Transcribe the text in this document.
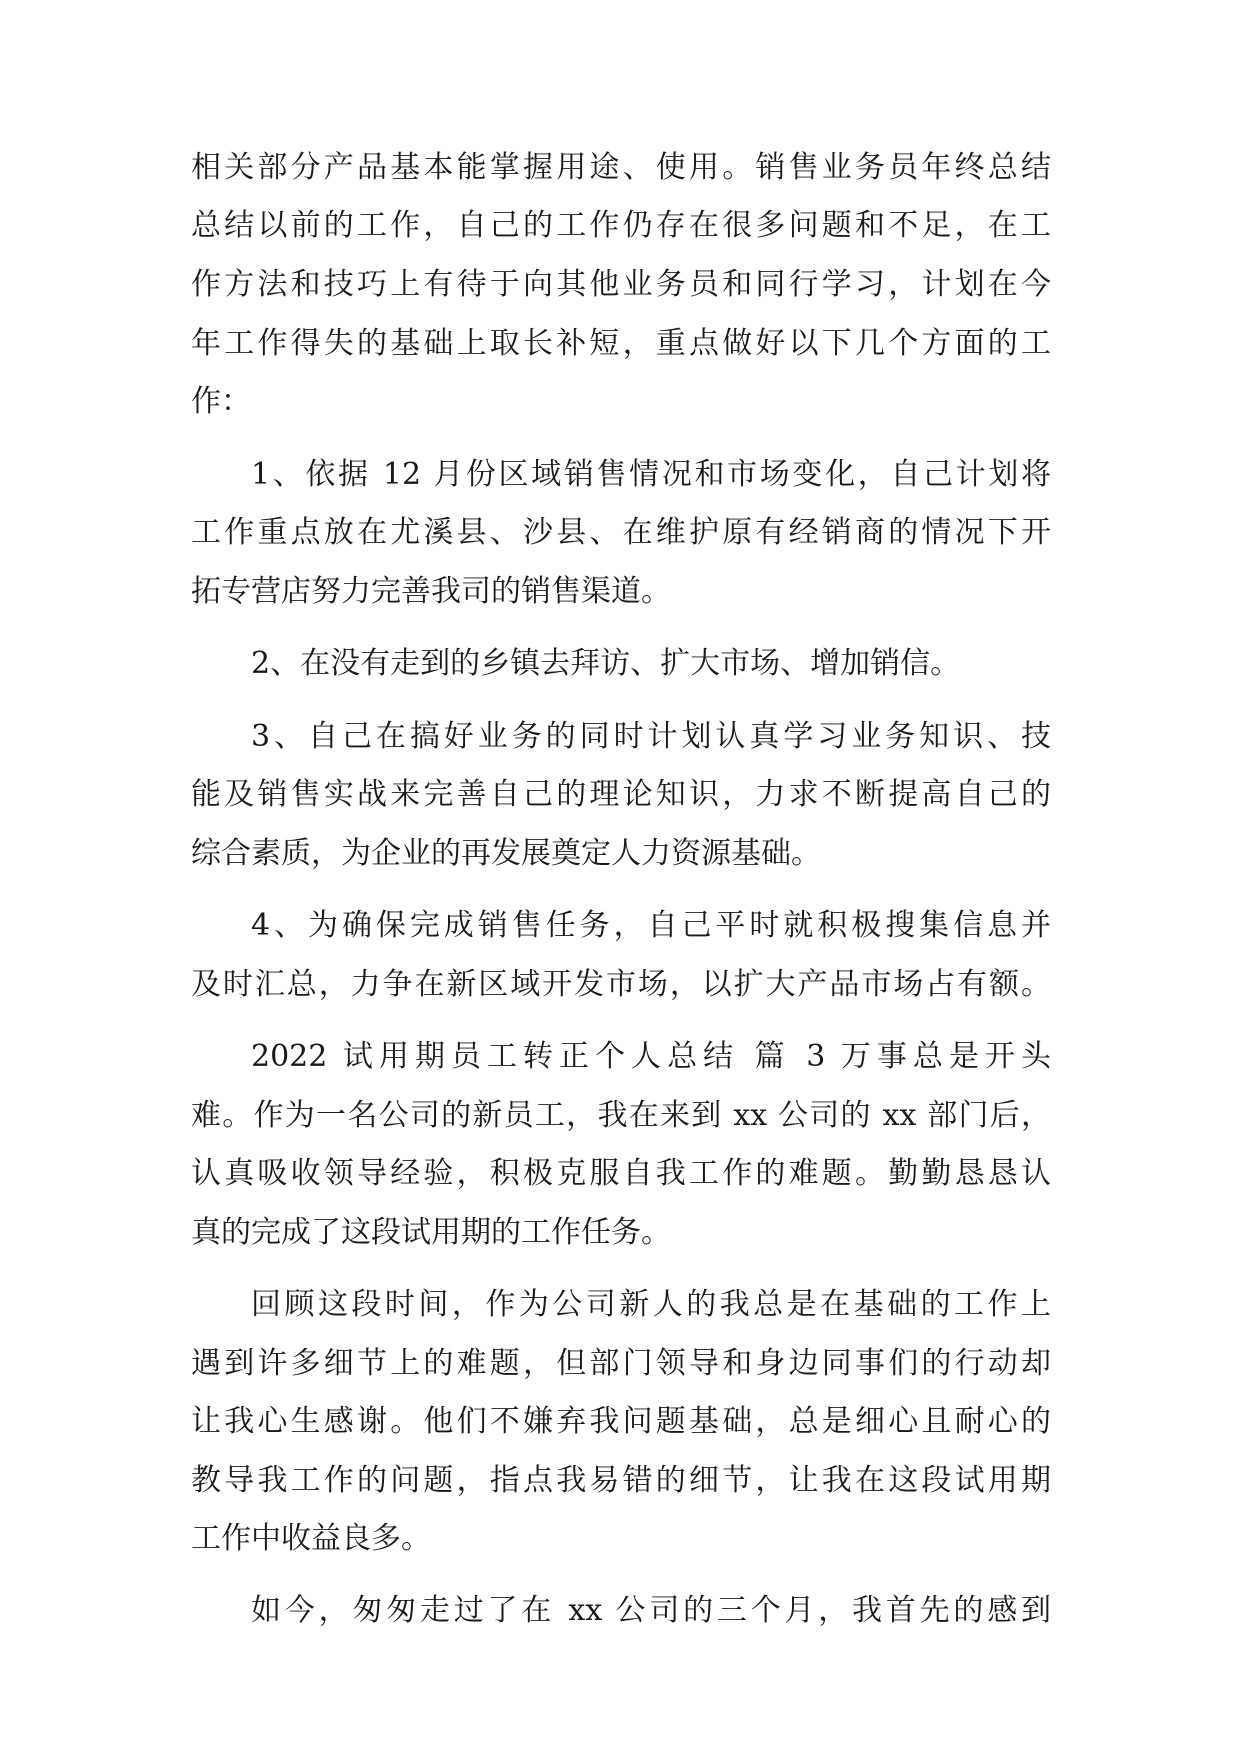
相关部分产品基本能掌握用途、使用。销售业务员年终总结
总结以前的工作，自己的工作仍存在很多问题和不足，在工
作方法和技巧上有待于向其他业务员和同行学习，计划在今
年工作得失的基础上取长补短，重点做好以下几个方面的工
作：
1、依据 12 月份区域销售情况和市场变化，自己计划将
工作重点放在尤溪县、沙县、在维护原有经销商的情况下开
拓专营店努力完善我司的销售渠道。
2、在没有走到的乡镇去拜访、扩大市场、增加销信。
3、自己在搞好业务的同时计划认真学习业务知识、技
能及销售实战来完善自己的理论知识，力求不断提高自己的
综合素质，为企业的再发展奠定人力资源基础。
4、为确保完成销售任务，自己平时就积极搜集信息并
及时汇总，力争在新区域开发市场，以扩大产品市场占有额。
2022 试用期员工转正个人总结 篇 3 万事总是开头
难。作为一名公司的新员工，我在来到 xx 公司的 xx 部门后，
认真吸收领导经验，积极克服自我工作的难题。勤勤恳恳认
真的完成了这段试用期的工作任务。
回顾这段时间，作为公司新人的我总是在基础的工作上
遇到许多细节上的难题，但部门领导和身边同事们的行动却
让我心生感谢。他们不嫌弃我问题基础，总是细心且耐心的
教导我工作的问题，指点我易错的细节，让我在这段试用期
工作中收益良多。
如今，匆匆走过了在 xx 公司的三个月，我首先的感到
